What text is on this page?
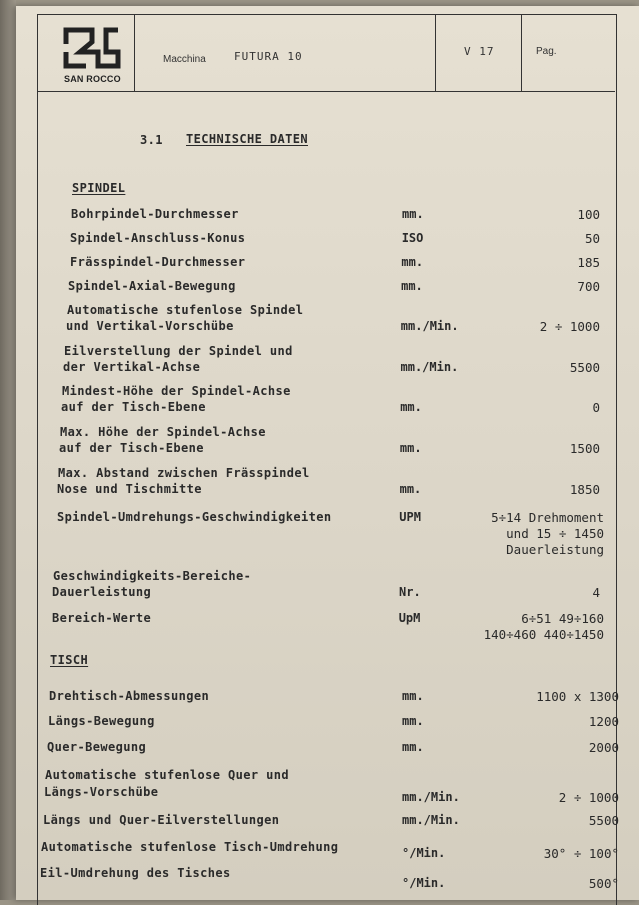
SAN ROCCO
Macchina	FUTURA 10	V 17	Pag.
3.1 TECHNISCHE DATEN
SPINDEL
TISCH
Bohrpindel-Durchmesser	mm.	100
Spindel-Anschluss-Konus	ISO	50
Frässpindel-Durchmesser	mm.	185
Spindel-Axial-Bewegung	mm.	700
Automatische stufenlose Spindel
und Vertikal-Vorschübe	mm./Min.	2 ÷ 1000
Eilverstellung der Spindel und
der Vertikal-Achse	mm./Min.	5500
Mindest-Höhe der Spindel-Achse
auf der Tisch-Ebene	mm.	0
Max. Höhe der Spindel-Achse
auf der Tisch-Ebene	mm.	1500
Max. Abstand zwischen Frässpindel
Nose und Tischmitte	mm.	1850
Spindel-Umdrehungs-Geschwindigkeiten	UPM	5÷14 Drehmoment
und 15 ÷ 1450
Dauerleistung
Geschwindigkeits-Bereiche-
Dauerleistung	Nr.	4
Bereich-Werte	UpM	6÷51 49÷160
140÷460 440÷1450
Drehtisch-Abmessungen	mm.	1100 x 1300
Längs-Bewegung	mm.	1200
Quer-Bewegung	mm.	2000
Automatische stufenlose Quer und
Längs-Vorschübe	mm./Min.	2 ÷ 1000
Längs und Quer-Eilverstellungen	mm./Min.	5500
Automatische stufenlose Tisch-Umdrehung	°/Min.	30° ÷ 100°
Eil-Umdrehung des Tisches
°/Min.	500°
